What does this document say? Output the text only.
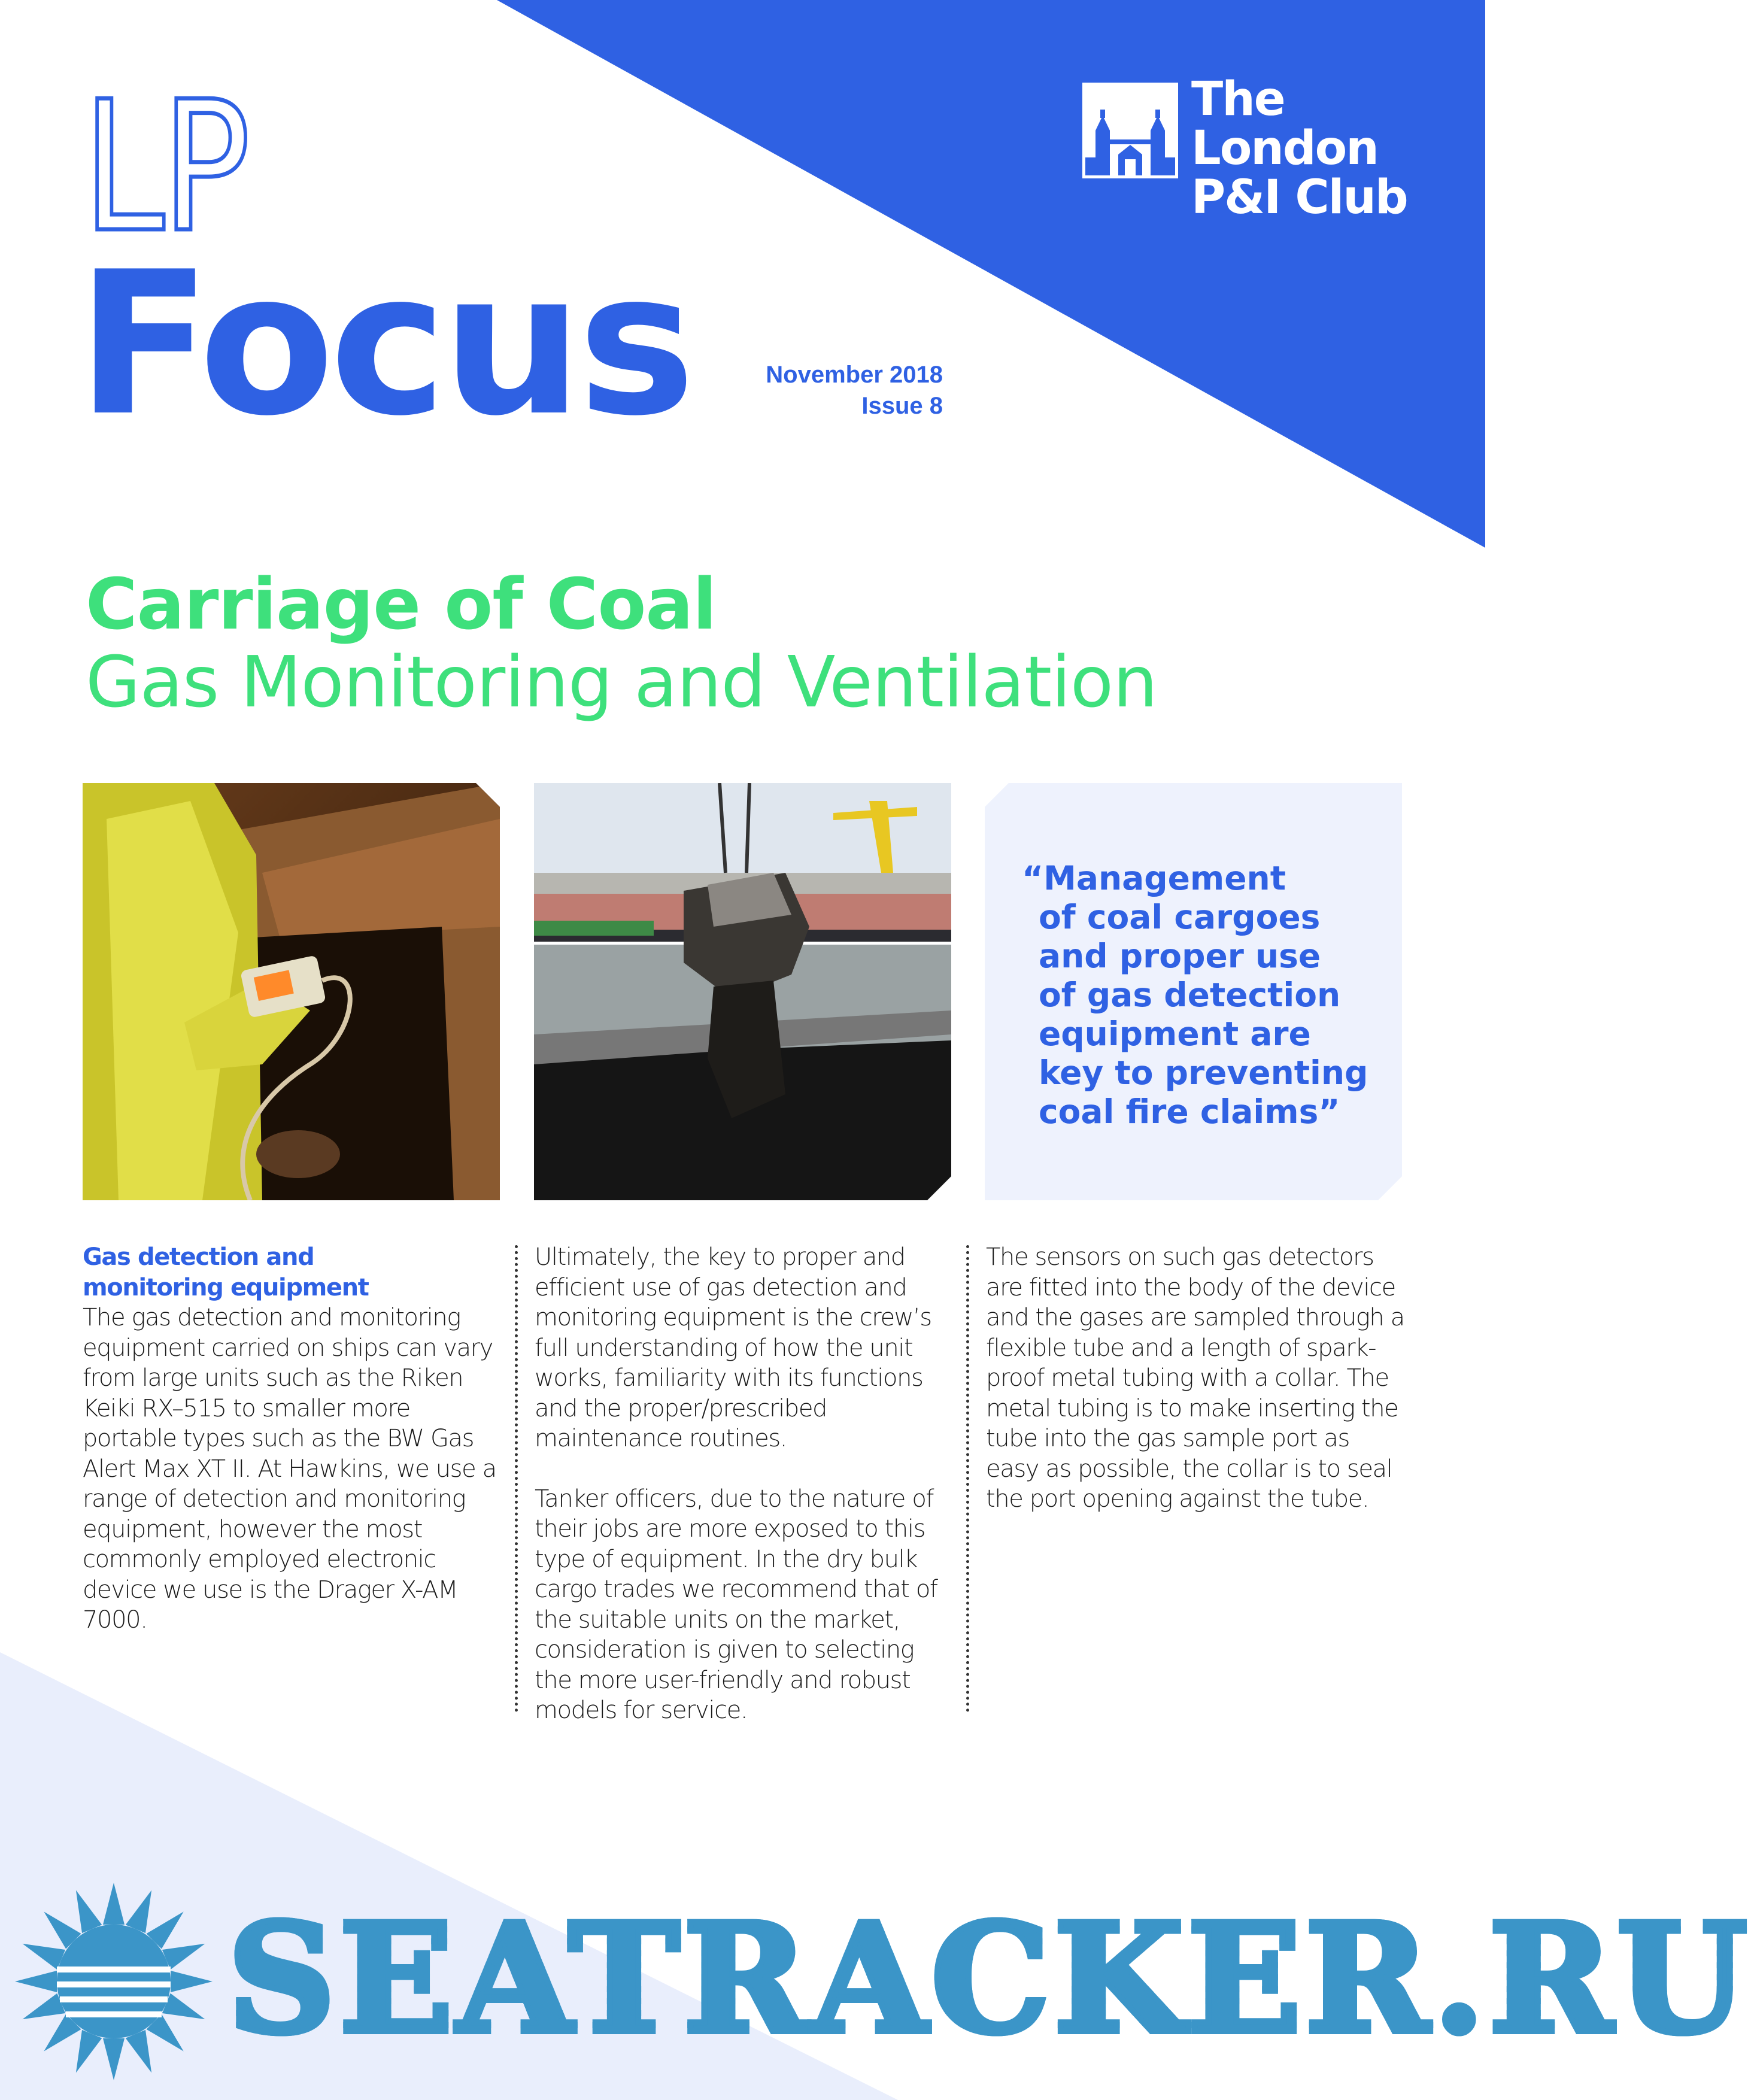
LP
Focus	November 2018
Issue 8
The
London
P&I Club
Carriage of Coal
Gas Monitoring and Ventilation
“Management
of coal cargoes
and proper use
of gas detection
equipment are
key to preventing
coal fire claims”
Gas detection and
monitoring equipment

The gas detection and monitoring equipment carried on ships can vary from large units such as the Riken Keiki RX–515 to smaller more portable types such as the BW Gas Alert Max XT II. At Hawkins, we use a range of detection and monitoring equipment, however the most commonly employed electronic device we use is the Drager X-AM 7000.

Ultimately, the key to proper and efficient use of gas detection and monitoring equipment is the crew’s full understanding of how the unit works, familiarity with its functions and the proper/prescribed maintenance routines.

Tanker officers, due to the nature of their jobs are more exposed to this type of equipment. In the dry bulk cargo trades we recommend that of the suitable units on the market, consideration is given to selecting the more user-friendly and robust models for service.

The sensors on such gas detectors are fitted into the body of the device and the gases are sampled through a flexible tube and a length of spark-proof metal tubing with a collar. The metal tubing is to make inserting the tube into the gas sample port as easy as possible, the collar is to seal the port opening against the tube.

SEATRACKER.RU
